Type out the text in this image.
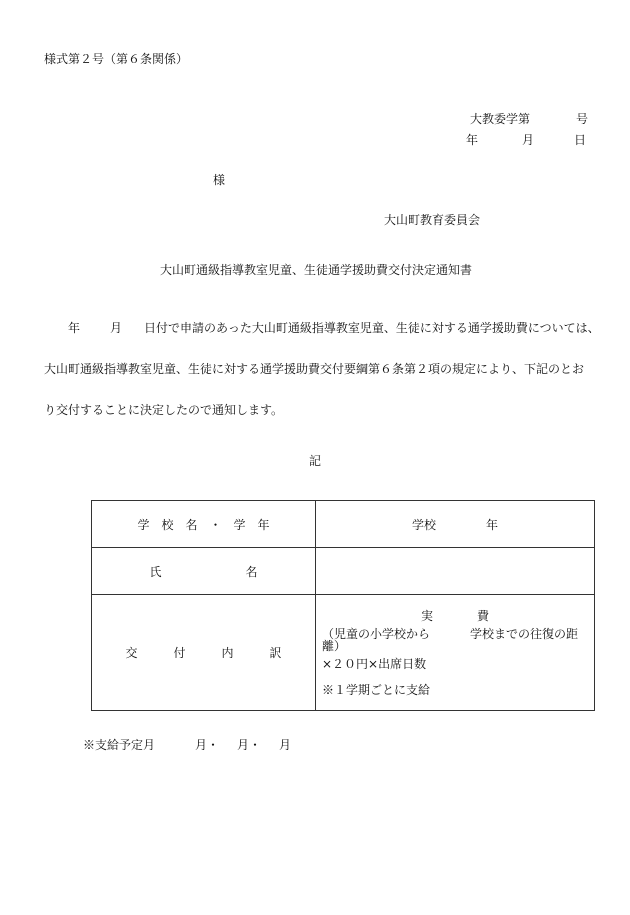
様式第２号（第６条関係）
大教委学第	号
年	月	日
様
大山町教育委員会
大山町通級指導教室児童、生徒通学援助費交付決定通知書
年	月 日付で申請のあった大山町通級指導教室児童、生徒に対する通学援助費については、
大山町通級指導教室児童、生徒に対する通学援助費交付要綱第６条第２項の規定により、下記のとお
り交付することに決定したので通知します。
記
学　校　名　・　学　年	学校 年
氏　　　　　　　名	
交　　　付　　　内　　　訳	実 費
（児童の小学校から 学校までの往復の距離）
×２０円×出席日数
※１学期ごとに支給
※支給予定月	月・ 月・ 月
